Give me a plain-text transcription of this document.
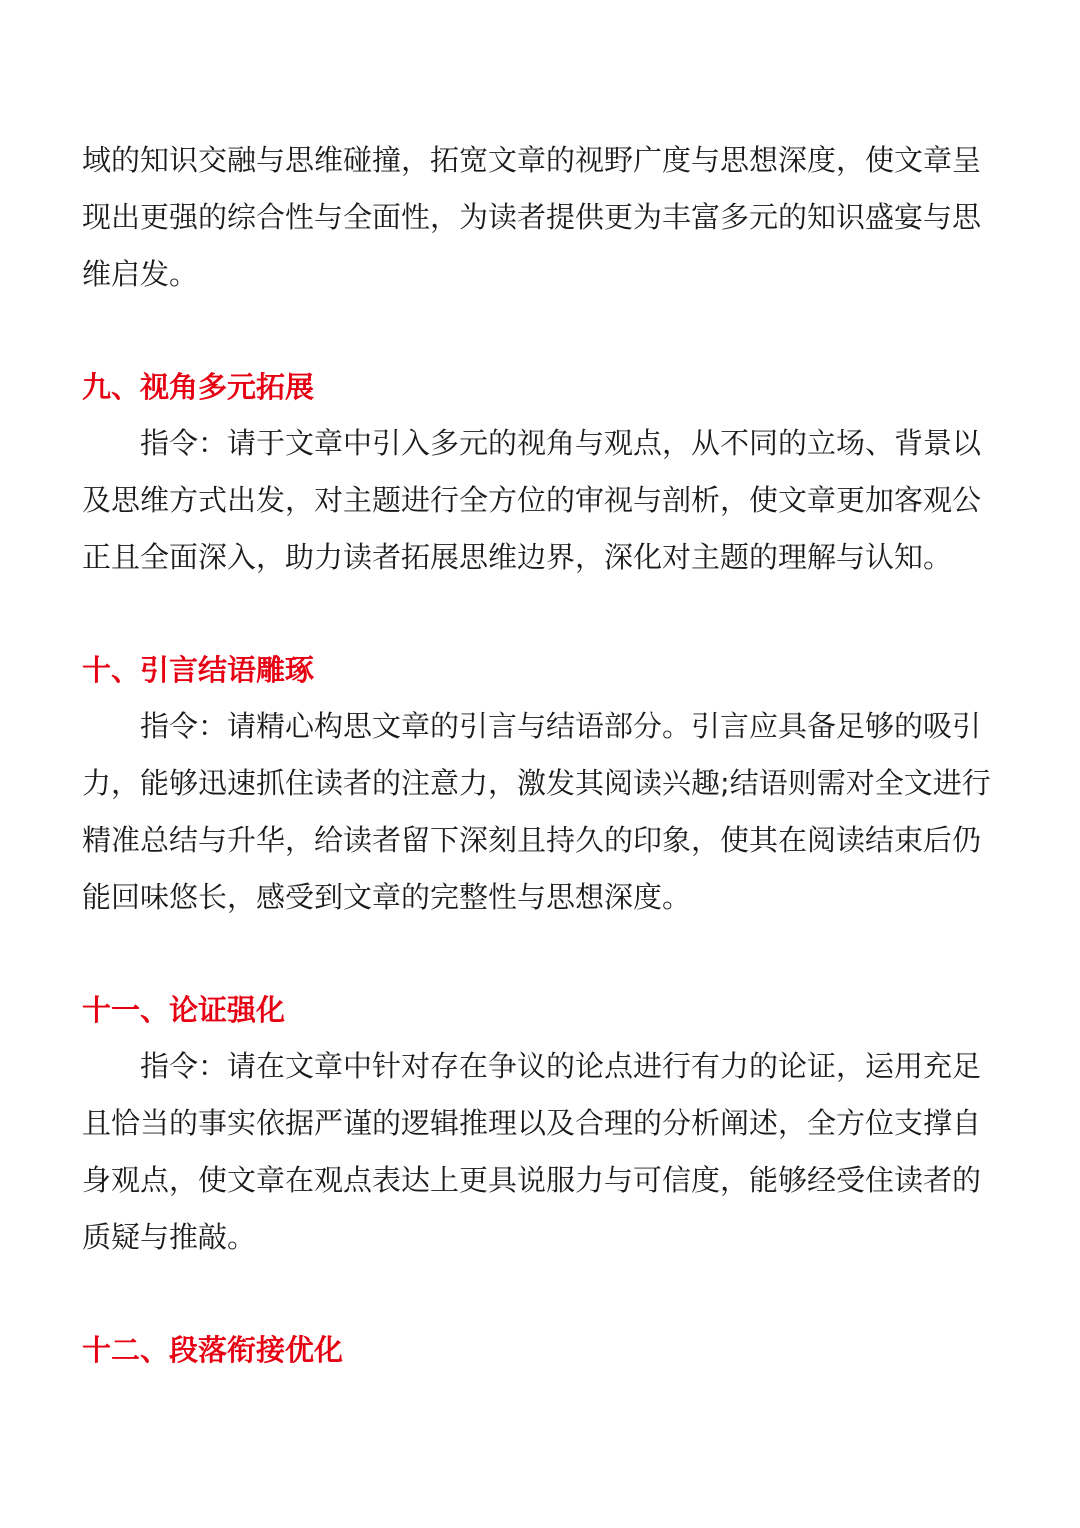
域的知识交融与思维碰撞，拓宽文章的视野广度与思想深度，使文章呈现出更强的综合性与全面性，为读者提供更为丰富多元的知识盛宴与思维启发。

九、视角多元拓展

指令：请于文章中引入多元的视角与观点，从不同的立场、背景以及思维方式出发，对主题进行全方位的审视与剖析，使文章更加客观公正且全面深入，助力读者拓展思维边界，深化对主题的理解与认知。

十、引言结语雕琢

指令：请精心构思文章的引言与结语部分。引言应具备足够的吸引力，能够迅速抓住读者的注意力，激发其阅读兴趣;结语则需对全文进行精准总结与升华，给读者留下深刻且持久的印象，使其在阅读结束后仍能回味悠长，感受到文章的完整性与思想深度。

十一、论证强化

指令：请在文章中针对存在争议的论点进行有力的论证，运用充足且恰当的事实依据严谨的逻辑推理以及合理的分析阐述，全方位支撑自身观点，使文章在观点表达上更具说服力与可信度，能够经受住读者的质疑与推敲。

十二、段落衔接优化
